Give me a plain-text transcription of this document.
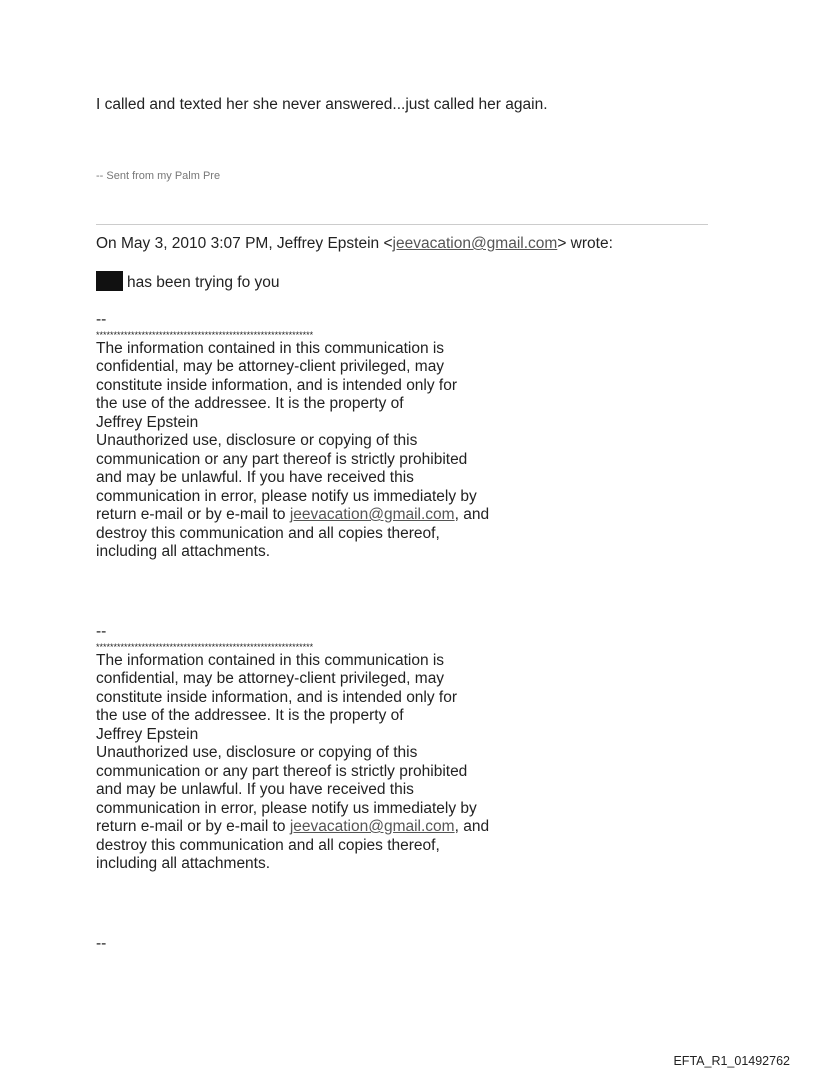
I called and texted her she never answered...just called her again.
-- Sent from my Palm Pre
On May 3, 2010 3:07 PM, Jeffrey Epstein <jeevacation@gmail.com> wrote:
has been trying fo you
--
**************************************************************
The information contained in this communication is
confidential, may be attorney-client privileged, may
constitute inside information, and is intended only for
the use of the addressee. It is the property of
Jeffrey Epstein
Unauthorized use, disclosure or copying of this
communication or any part thereof is strictly prohibited
and may be unlawful. If you have received this
communication in error, please notify us immediately by
return e-mail or by e-mail to jeevacation@gmail.com, and
destroy this communication and all copies thereof,
including all attachments.
--
**************************************************************
The information contained in this communication is
confidential, may be attorney-client privileged, may
constitute inside information, and is intended only for
the use of the addressee. It is the property of
Jeffrey Epstein
Unauthorized use, disclosure or copying of this
communication or any part thereof is strictly prohibited
and may be unlawful. If you have received this
communication in error, please notify us immediately by
return e-mail or by e-mail to jeevacation@gmail.com, and
destroy this communication and all copies thereof,
including all attachments.
--
EFTA_R1_01492762
